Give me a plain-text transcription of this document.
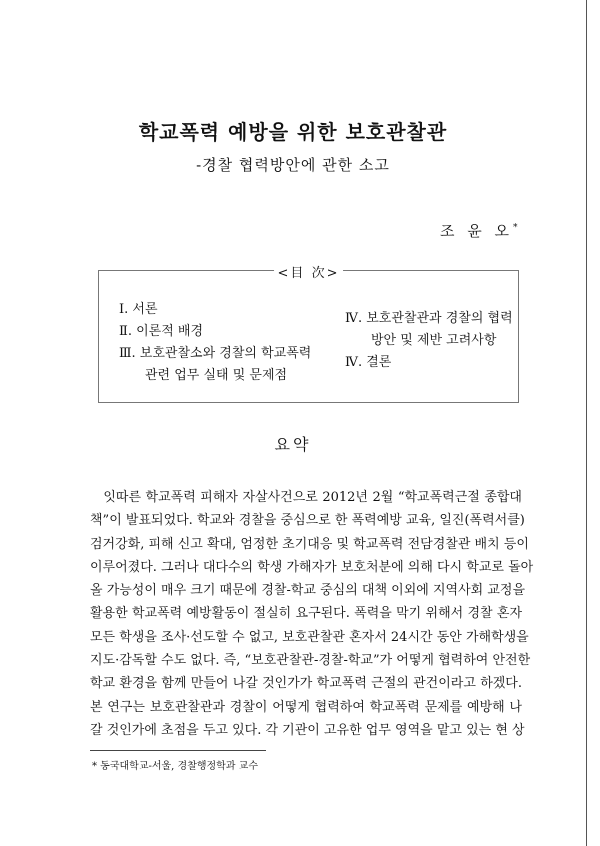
학교폭력 예방을 위한 보호관찰관
-경찰 협력방안에 관한 소고
조 윤 오*
<目 次>
Ⅰ. 서론
Ⅱ. 이론적 배경
Ⅲ. 보호관찰소와 경찰의 학교폭력
관련 업무 실태 및 문제점
Ⅳ. 보호관찰관과 경찰의 협력
방안 및 제반 고려사항
Ⅳ. 결론
요약
　잇따른 학교폭력 피해자 자살사건으로 2012년 2월 “학교폭력근절 종합대
책”이 발표되었다. 학교와 경찰을 중심으로 한 폭력예방 교육, 일진(폭력서클)
검거강화, 피해 신고 확대, 엄정한 초기대응 및 학교폭력 전담경찰관 배치 등이
이루어졌다. 그러나 대다수의 학생 가해자가 보호처분에 의해 다시 학교로 돌아
올 가능성이 매우 크기 때문에 경찰-학교 중심의 대책 이외에 지역사회 교정을
활용한 학교폭력 예방활동이 절실히 요구된다. 폭력을 막기 위해서 경찰 혼자
모든 학생을 조사·선도할 수 없고, 보호관찰관 혼자서 24시간 동안 가해학생을
지도·감독할 수도 없다. 즉, “보호관찰관-경찰-학교”가 어떻게 협력하여 안전한
학교 환경을 함께 만들어 나갈 것인가가 학교폭력 근절의 관건이라고 하겠다.
본 연구는 보호관찰관과 경찰이 어떻게 협력하여 학교폭력 문제를 예방해 나
갈 것인가에 초점을 두고 있다. 각 기관이 고유한 업무 영역을 맡고 있는 현 상
* 동국대학교-서울, 경찰행정학과 교수
